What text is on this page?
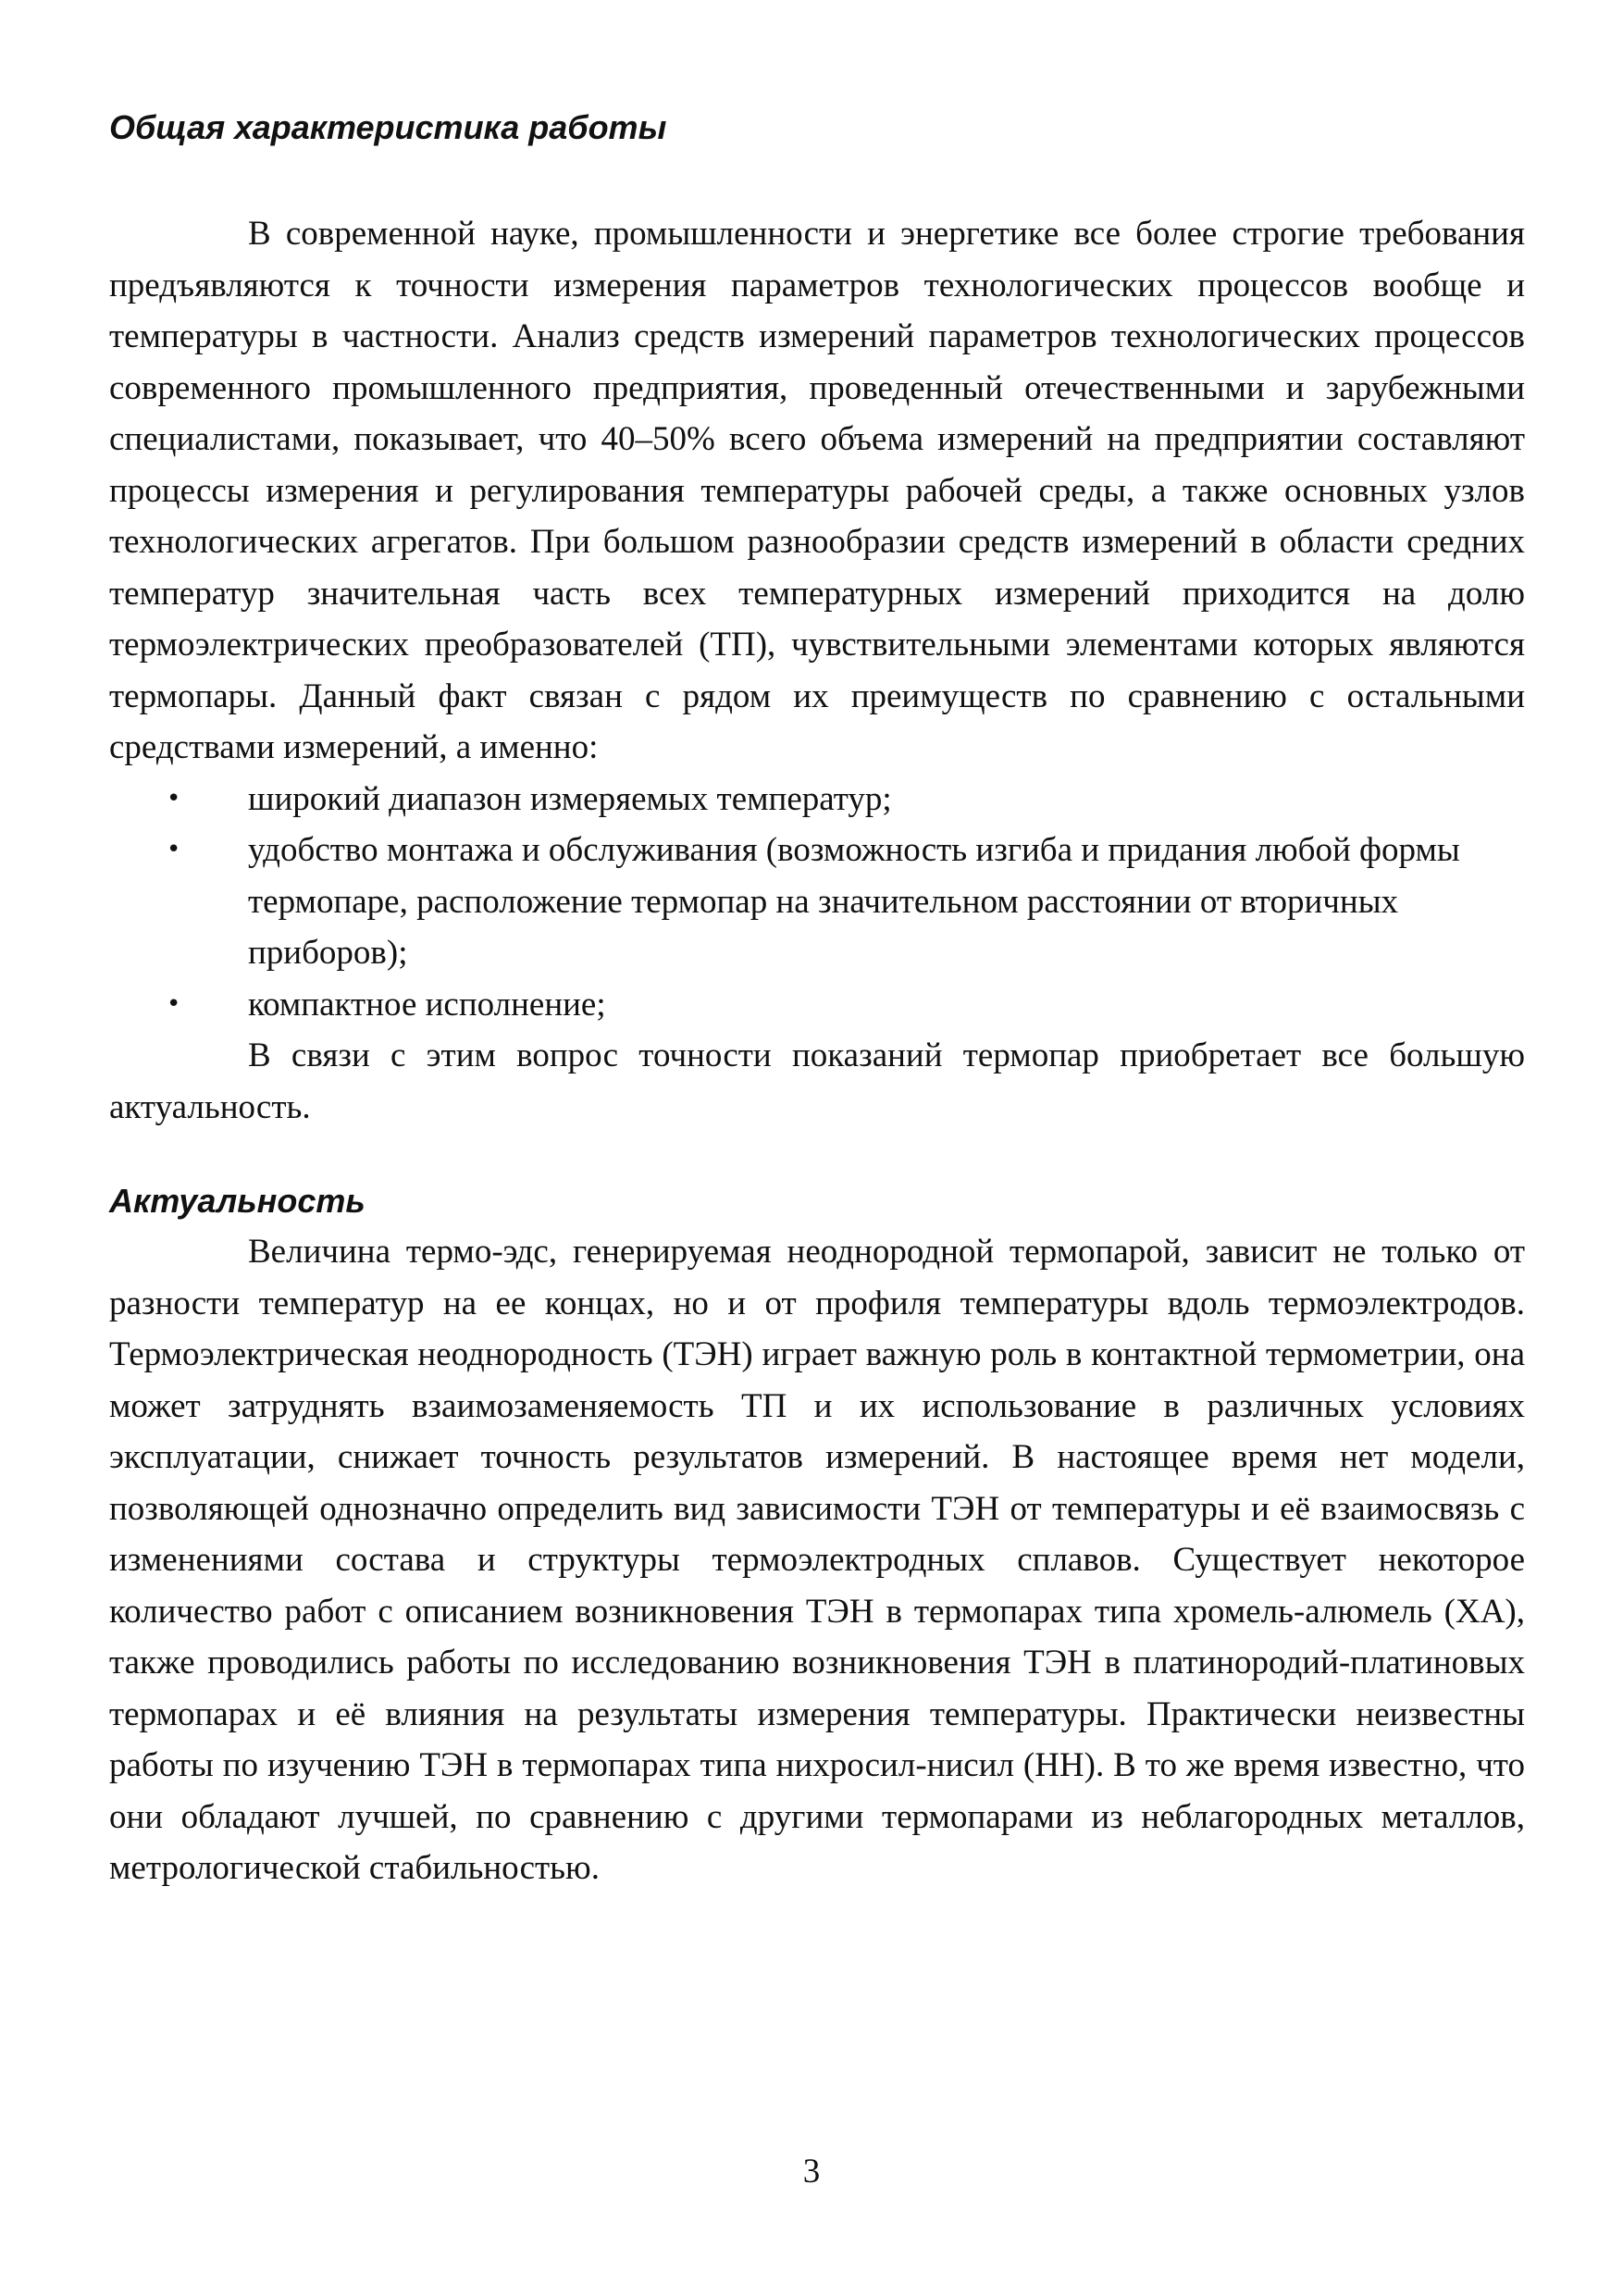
Общая характеристика работы

В современной науке, промышленности и энергетике все более строгие требования предъявляются к точности измерения параметров технологических процессов вообще и температуры в частности. Анализ средств измерений параметров технологических процессов современного промышленного предприятия, проведенный отечественными и зарубежными специалистами, показывает, что 40–50% всего объема измерений на предприятии составляют процессы измерения и регулирования температуры рабочей среды, а также основных узлов технологических агрегатов. При большом разнообразии средств измерений в области средних температур значительная часть всех температурных измерений приходится на долю термоэлектрических преобразователей (ТП), чувствительными элементами которых являются термопары. Данный факт связан с рядом их преимуществ по сравнению с остальными средствами измерений, а именно:

• широкий диапазон измеряемых температур;
• удобство монтажа и обслуживания (возможность изгиба и придания любой формы термопаре, расположение термопар на значительном расстоянии от вторичных приборов);
• компактное исполнение;

В связи с этим вопрос точности показаний термопар приобретает все большую актуальность.

Актуальность

Величина термо-эдс, генерируемая неоднородной термопарой, зависит не только от разности температур на ее концах, но и от профиля температуры вдоль термоэлектродов. Термоэлектрическая неоднородность (ТЭН) играет важную роль в контактной термометрии, она может затруднять взаимозаменяемость ТП и их использование в различных условиях эксплуатации, снижает точность результатов измерений. В настоящее время нет модели, позволяющей однозначно определить вид зависимости ТЭН от температуры и её взаимосвязь с изменениями состава и структуры термоэлектродных сплавов. Существует некоторое количество работ с описанием возникновения ТЭН в термопарах типа хромель-алюмель (ХА), также проводились работы по исследованию возникновения ТЭН в платинородий-платиновых термопарах и её влияния на результаты измерения температуры. Практически неизвестны работы по изучению ТЭН в термопарах типа нихросил-нисил (НН). В то же время известно, что они обладают лучшей, по сравнению с другими термопарами из неблагородных металлов, метрологической стабильностью.

3
